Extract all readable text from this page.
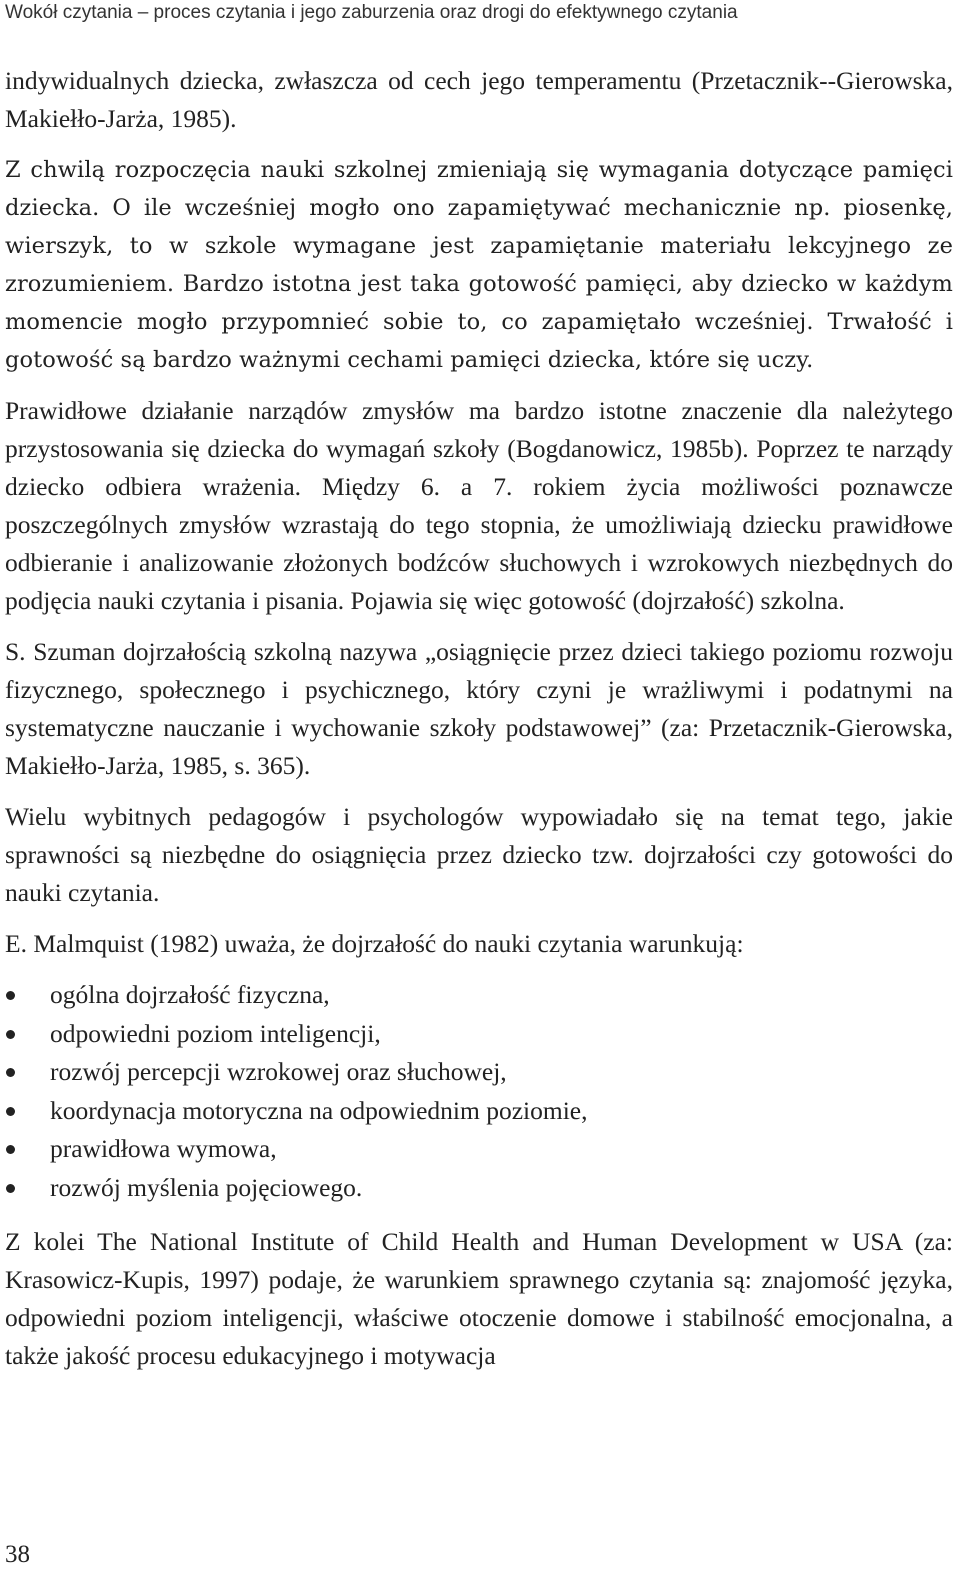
Wokół czytania – proces czytania i jego zaburzenia oraz drogi do efektywnego czytania

indywidualnych dziecka, zwłaszcza od cech jego temperamentu (Przetacznik--Gierowska, Makiełło-Jarża, 1985).

Z chwilą rozpoczęcia nauki szkolnej zmieniają się wymagania dotyczące pamięci dziecka. O ile wcześniej mogło ono zapamiętywać mechanicznie np. piosenkę, wierszyk, to w szkole wymagane jest zapamiętanie materiału lekcyjnego ze zrozumieniem. Bardzo istotna jest taka gotowość pamięci, aby dziecko w każdym momencie mogło przypomnieć sobie to, co zapamiętało wcześniej. Trwałość i gotowość są bardzo ważnymi cechami pamięci dziecka, które się uczy.

Prawidłowe działanie narządów zmysłów ma bardzo istotne znaczenie dla należytego przystosowania się dziecka do wymagań szkoły (Bogdanowicz, 1985b). Poprzez te narządy dziecko odbiera wrażenia. Między 6. a 7. rokiem życia możliwości poznawcze poszczególnych zmysłów wzrastają do tego stopnia, że umożliwiają dziecku prawidłowe odbieranie i analizowanie złożonych bodźców słuchowych i wzrokowych niezbędnych do podjęcia nauki czytania i pisania. Pojawia się więc gotowość (dojrzałość) szkolna.

S. Szuman dojrzałością szkolną nazywa „osiągnięcie przez dzieci takiego poziomu rozwoju fizycznego, społecznego i psychicznego, który czyni je wrażliwymi i podatnymi na systematyczne nauczanie i wychowanie szkoły podstawowej” (za: Przetacznik-Gierowska, Makiełło-Jarża, 1985, s. 365).

Wielu wybitnych pedagogów i psychologów wypowiadało się na temat tego, jakie sprawności są niezbędne do osiągnięcia przez dziecko tzw. dojrzałości czy gotowości do nauki czytania.

E. Malmquist (1982) uważa, że dojrzałość do nauki czytania warunkują:

ogólna dojrzałość fizyczna,
odpowiedni poziom inteligencji,
rozwój percepcji wzrokowej oraz słuchowej,
koordynacja motoryczna na odpowiednim poziomie,
prawidłowa wymowa,
rozwój myślenia pojęciowego.

Z kolei The National Institute of Child Health and Human Development w USA (za: Krasowicz-Kupis, 1997) podaje, że warunkiem sprawnego czytania są: znajomość języka, odpowiedni poziom inteligencji, właściwe otoczenie domowe i stabilność emocjonalna, a także jakość procesu edukacyjnego i motywacja

38
